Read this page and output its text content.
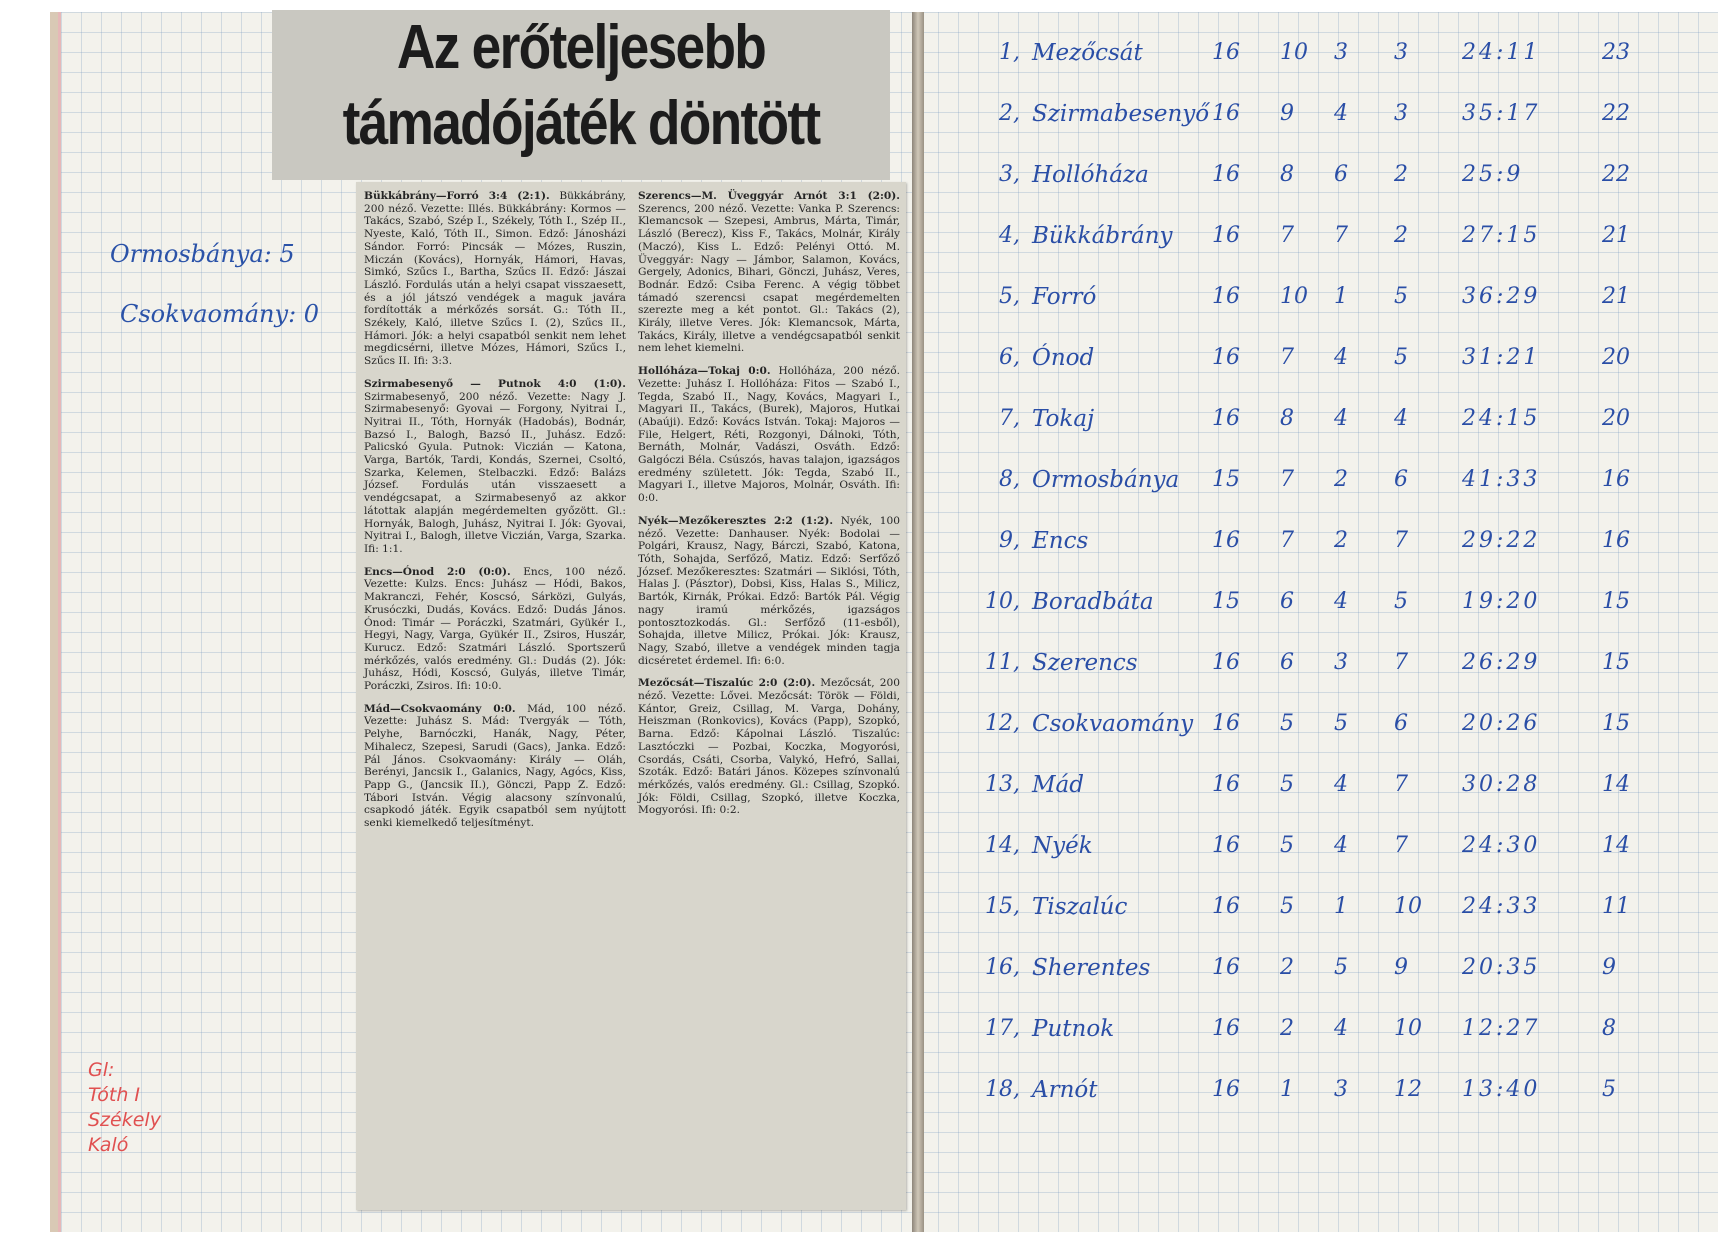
Az erőteljesebb
támadójáték döntött

Bükkábrány—Forró 3:4 (2:1). Bükkábrány, 200 néző. Vezette: Illés. Bükkábrány: Kormos — Takács, Szabó, Szép I., Székely, Tóth I., Szép II., Nyeste, Kaló, Tóth II., Simon. Edző: Jánosházi Sándor. Forró: Pincsák — Mózes, Ruszin, Miczán (Kovács), Hornyák, Hámori, Havas, Simkó, Szűcs I., Bartha, Szűcs II. Edző: Jászai László. Fordulás után a helyi csapat visszaesett, és a jól játszó vendégek a maguk javára fordították a mérkőzés sorsát. G.: Tóth II., Székely, Kaló, illetve Szűcs I. (2), Szűcs II., Hámori. Jók: a helyi csapatból senkit nem lehet megdicsérni, illetve Mózes, Hámori, Szűcs I., Szűcs II. Ifi: 3:3.

Szirmabesenyő — Putnok 4:0 (1:0). Szirmabesenyő, 200 néző. Vezette: Nagy J. Szirmabesenyő: Gyovai — Forgony, Nyitrai I., Nyitrai II., Tóth, Hornyák (Hadobás), Bodnár, Bazsó I., Balogh, Bazsó II., Juhász. Edző: Palicskó Gyula. Putnok: Viczián — Katona, Varga, Bartók, Tardi, Kondás, Szernei, Csoltó, Szarka, Kelemen, Stelbaczki. Edző: Balázs József. Fordulás után visszaesett a vendégcsapat, a Szirmabesenyő az akkor látottak alapján megérdemelten győzött. Gl.: Hornyák, Balogh, Juhász, Nyitrai I. Jók: Gyovai, Nyitrai I., Balogh, illetve Viczián, Varga, Szarka. Ifi: 1:1.

Encs—Ónod 2:0 (0:0). Encs, 100 néző. Vezette: Kulzs. Encs: Juhász — Hódi, Bakos, Makranczi, Fehér, Koscsó, Sárközi, Gulyás, Krusóczki, Dudás, Kovács. Edző: Dudás János. Ónod: Timár — Poráczki, Szatmári, Gyükér I., Hegyi, Nagy, Varga, Gyükér II., Zsiros, Huszár, Kurucz. Edző: Szatmári László. Sportszerű mérkőzés, valós eredmény. Gl.: Dudás (2). Jók: Juhász, Hódi, Koscsó, Gulyás, illetve Timár, Poráczki, Zsiros. Ifi: 10:0.

Mád—Csokvaomány 0:0. Mád, 100 néző. Vezette: Juhász S. Mád: Tvergyák — Tóth, Pelyhe, Barnóczki, Hanák, Nagy, Péter, Mihalecz, Szepesi, Sarudi (Gacs), Janka. Edző: Pál János. Csokvaomány: Király — Oláh, Berényi, Jancsik I., Galanics, Nagy, Agócs, Kiss, Papp G., (Jancsik II.), Gönczi, Papp Z. Edző: Tábori István. Végig alacsony színvonalú, csapkodó játék. Egyik csapatból sem nyújtott senki kiemelkedő teljesítményt.

Szerencs—M. Üveggyár Arnót 3:1 (2:0). Szerencs, 200 néző. Vezette: Vanka P. Szerencs: Klemancsok — Szepesi, Ambrus, Márta, Timár, László (Berecz), Kiss F., Takács, Molnár, Király (Maczó), Kiss L. Edző: Pelényi Ottó. M. Üveggyár: Nagy — Jámbor, Salamon, Kovács, Gergely, Adonics, Bihari, Gönczi, Juhász, Veres, Bodnár. Edző: Csiba Ferenc. A végig többet támadó szerencsi csapat megérdemelten szerezte meg a két pontot. Gl.: Takács (2), Király, illetve Veres. Jók: Klemancsok, Márta, Takács, Király, illetve a vendégcsapatból senkit nem lehet kiemelni.

Hollóháza—Tokaj 0:0. Hollóháza, 200 néző. Vezette: Juhász I. Hollóháza: Fitos — Szabó I., Tegda, Szabó II., Nagy, Kovács, Magyari I., Magyari II., Takács, (Burek), Majoros, Hutkai (Abaúji). Edző: Kovács István. Tokaj: Majoros — File, Helgert, Réti, Rozgonyi, Dálnoki, Tóth, Bernáth, Molnár, Vadászi, Osváth. Edző: Galgóczi Béla. Csúszós, havas talajon, igazságos eredmény született. Jók: Tegda, Szabó II., Magyari I., illetve Majoros, Molnár, Osváth. Ifi: 0:0.

Nyék—Mezőkeresztes 2:2 (1:2). Nyék, 100 néző. Vezette: Danhauser. Nyék: Bodolai — Polgári, Krausz, Nagy, Bárczi, Szabó, Katona, Tóth, Sohajda, Serfőző, Matiz. Edző: Serfőző József. Mezőkeresztes: Szatmári — Siklósi, Tóth, Halas J. (Pásztor), Dobsi, Kiss, Halas S., Milicz, Bartók, Kirnák, Prókai. Edző: Bartók Pál. Végig nagy iramú mérkőzés, igazságos pontosztozkodás. Gl.: Serfőző (11-esből), Sohajda, illetve Milicz, Prókai. Jók: Krausz, Nagy, Szabó, illetve a vendégek minden tagja dicséretet érdemel. Ifi: 6:0.

Mezőcsát—Tiszalúc 2:0 (2:0). Mezőcsát, 200 néző. Vezette: Lővei. Mezőcsát: Török — Földi, Kántor, Greiz, Csillag, M. Varga, Dohány, Heiszman (Ronkovics), Kovács (Papp), Szopkó, Barna. Edző: Kápolnai László. Tiszalúc: Lasztóczki — Pozbai, Koczka, Mogyorósi, Csordás, Csáti, Csorba, Valykó, Hefró, Sallai, Szoták. Edző: Batári János. Közepes színvonalú mérkőzés, valós eredmény. Gl.: Csillag, Szopkó. Jók: Földi, Csillag, Szopkó, illetve Koczka, Mogyorósi. Ifi: 0:2.

Ormosbánya: 5
Csokvaomány: 0
Gl:
Tóth I
Székely
Kaló
1, Mezőcsát	16 10 3 3 24:11	23
2, Szirmabesenyő 16 9 4 3 35:17	22
3, Hollóháza	16 8 6 2 25:9	22
4, Bükkábrány 16 7 7 2 27:15	21
5, Forró	16 10 1 5 36:29	21
6, Ónod	16 7 4 5 31:21	20
7, Tokaj	16 8 4 4 24:15	20
8, Ormosbánya 15 7 2 6 41:33	16
9, Encs	16 7 2 7 29:22	16
10, Boradbáta	15 6 4 5 19:20	15
11, Szerencs	16 6 3 7 26:29	15
12, Csokvaomány 16 5 5 6 20:26	15
13, Mád	16 5 4 7 30:28	14
14, Nyék	16 5 4 7 24:30	14
15, Tiszalúc	16 5 1 10 24:33	11
16, Sherentes	16 2 5 9 20:35	9
17, Putnok	16 2 4 10 12:27	8
18, Arnót	16 1 3 12 13:40	5
